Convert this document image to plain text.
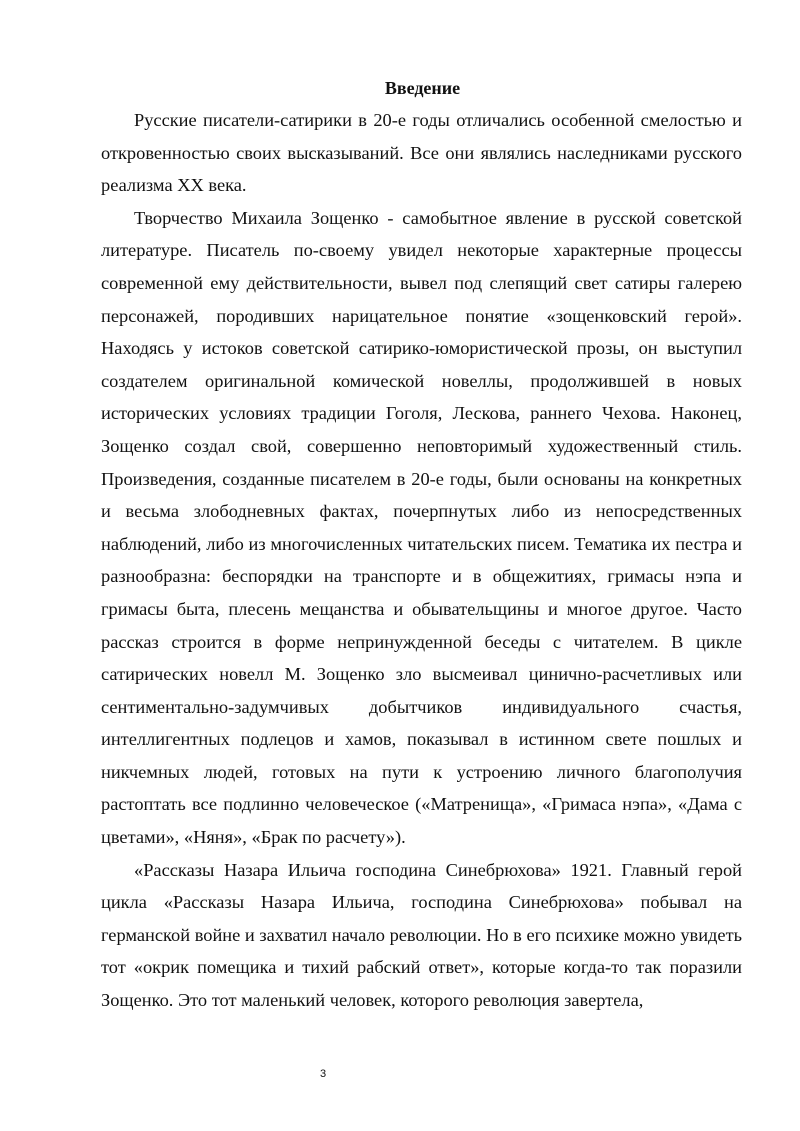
Введение

Русские писатели-сатирики в 20-е годы отличались особенной смелостью и откровенностью своих высказываний. Все они являлись наследниками русского реализма XX века.

Творчество Михаила Зощенко - самобытное явление в русской советской литературе. Писатель по-своему увидел некоторые характерные процессы современной ему действительности, вывел под слепящий свет сатиры галерею персонажей, породивших нарицательное понятие «зощенковский герой». Находясь у истоков советской сатирико-юмористической прозы, он выступил создателем оригинальной комической новеллы, продолжившей в новых исторических условиях традиции Гоголя, Лескова, раннего Чехова. Наконец, Зощенко создал свой, совершенно неповторимый художественный стиль. Произведения, созданные писателем в 20-е годы, были основаны на конкретных и весьма злободневных фактах, почерпнутых либо из непосредственных наблюдений, либо из многочисленных читательских писем. Тематика их пестра и разнообразна: беспорядки на транспорте и в общежитиях, гримасы нэпа и гримасы быта, плесень мещанства и обывательщины и многое другое. Часто рассказ строится в форме непринужденной беседы с читателем. В цикле сатирических новелл М. Зощенко зло высмеивал цинично-расчетливых или сентиментально-задумчивых добытчиков индивидуального счастья, интеллигентных подлецов и хамов, показывал в истинном свете пошлых и никчемных людей, готовых на пути к устроению личного благополучия растоптать все подлинно человеческое («Матренища», «Гримаса нэпа», «Дама с цветами», «Няня», «Брак по расчету»).

«Рассказы Назара Ильича господина Синебрюхова» 1921. Главный герой цикла «Рассказы Назара Ильича, господина Синебрюхова» побывал на германской войне и захватил начало революции. Но в его психике можно увидеть тот «окрик помещика и тихий рабский ответ», которые когда-то так поразили Зощенко. Это тот маленький человек, которого революция завертела,

3
